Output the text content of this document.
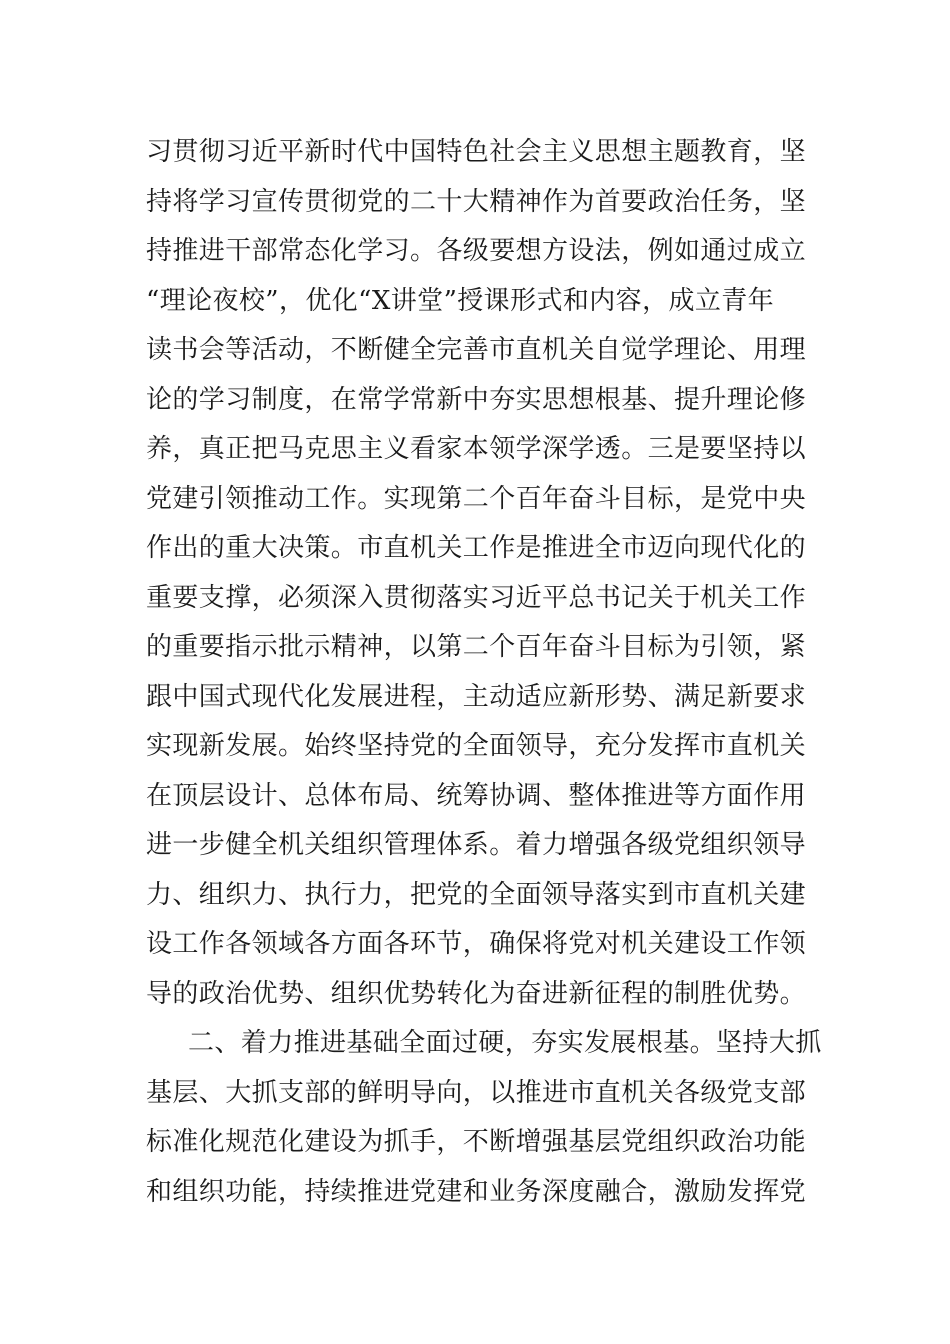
习贯彻习近平新时代中国特色社会主义思想主题教育，坚
持将学习宣传贯彻党的二十大精神作为首要政治任务，坚
持推进干部常态化学习。各级要想方设法，例如通过成立
“理论夜校”，优化“X讲堂”授课形式和内容，成立青年
读书会等活动，不断健全完善市直机关自觉学理论、用理
论的学习制度，在常学常新中夯实思想根基、提升理论修
养，真正把马克思主义看家本领学深学透。三是要坚持以
党建引领推动工作。实现第二个百年奋斗目标，是党中央
作出的重大决策。市直机关工作是推进全市迈向现代化的
重要支撑，必须深入贯彻落实习近平总书记关于机关工作
的重要指示批示精神，以第二个百年奋斗目标为引领，紧
跟中国式现代化发展进程，主动适应新形势、满足新要求
实现新发展。始终坚持党的全面领导，充分发挥市直机关
在顶层设计、总体布局、统筹协调、整体推进等方面作用
进一步健全机关组织管理体系。着力增强各级党组织领导
力、组织力、执行力，把党的全面领导落实到市直机关建
设工作各领域各方面各环节，确保将党对机关建设工作领
导的政治优势、组织优势转化为奋进新征程的制胜优势。
二、着力推进基础全面过硬，夯实发展根基。坚持大抓
基层、大抓支部的鲜明导向，以推进市直机关各级党支部
标准化规范化建设为抓手，不断增强基层党组织政治功能
和组织功能，持续推进党建和业务深度融合，激励发挥党
